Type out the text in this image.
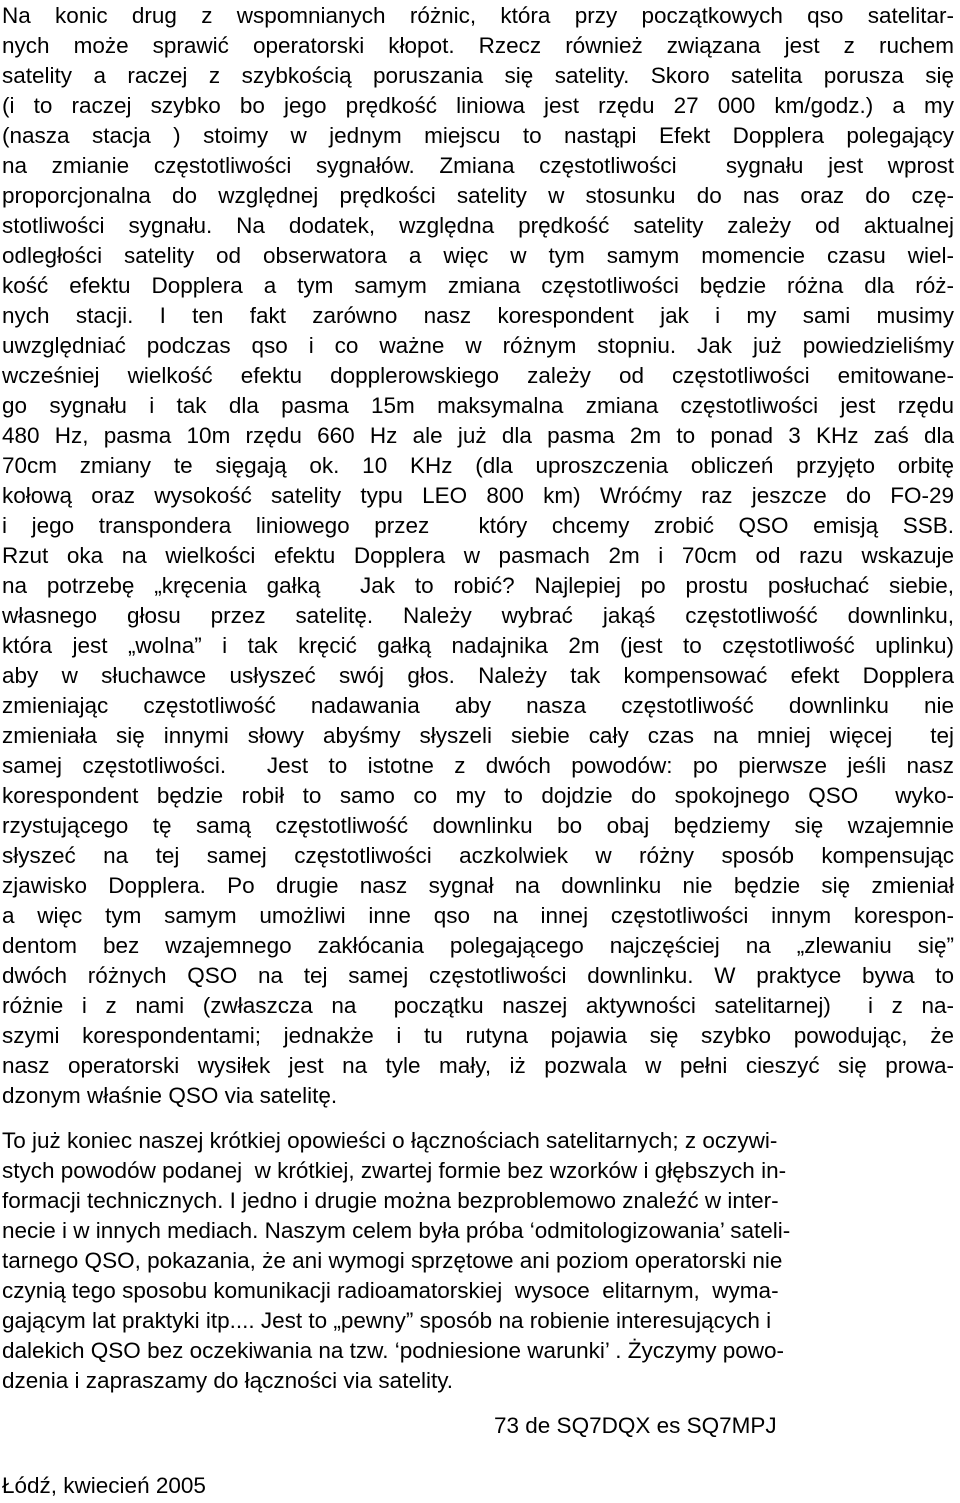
Na konic drug z wspomnianych różnic, która przy początkowych qso satelitar-
nych może sprawić operatorski kłopot. Rzecz również związana jest z ruchem
satelity a raczej z szybkością poruszania się satelity. Skoro satelita porusza się
(i to raczej szybko bo jego prędkość liniowa jest rzędu 27 000 km/godz.) a my
(nasza stacja ) stoimy w jednym miejscu to nastąpi Efekt Dopplera polegający
na zmianie częstotliwości sygnałów. Zmiana częstotliwości  sygnału jest wprost
proporcjonalna do względnej prędkości satelity w stosunku do nas oraz do czę-
stotliwości sygnału. Na dodatek, względna prędkość satelity zależy od aktualnej
odległości satelity od obserwatora a więc w tym samym momencie czasu wiel-
kość efektu Dopplera a tym samym zmiana częstotliwości będzie różna dla róż-
nych stacji. I ten fakt zarówno nasz korespondent jak i my sami musimy
uwzględniać podczas qso i co ważne w różnym stopniu. Jak już powiedzieliśmy
wcześniej wielkość efektu dopplerowskiego zależy od częstotliwości emitowane-
go sygnału i tak dla pasma 15m maksymalna zmiana częstotliwości jest rzędu
480 Hz, pasma 10m rzędu 660 Hz ale już dla pasma 2m to ponad 3 KHz zaś dla
70cm zmiany te sięgają ok. 10 KHz (dla uproszczenia obliczeń przyjęto orbitę
kołową oraz wysokość satelity typu LEO 800 km) Wróćmy raz jeszcze do FO-29
i jego transpondera liniowego przez  który chcemy zrobić QSO emisją SSB.
Rzut oka na wielkości efektu Dopplera w pasmach 2m i 70cm od razu wskazuje
na potrzebę „kręcenia gałką  Jak to robić? Najlepiej po prostu posłuchać siebie,
własnego głosu przez satelitę. Należy wybrać jakąś częstotliwość downlinku,
która jest „wolna” i tak kręcić gałką nadajnika 2m (jest to częstotliwość uplinku)
aby w słuchawce usłyszeć swój głos. Należy tak kompensować efekt Dopplera
zmieniając częstotliwość nadawania aby nasza częstotliwość downlinku nie
zmieniała się innymi słowy abyśmy słyszeli siebie cały czas na mniej więcej  tej
samej częstotliwości.  Jest to istotne z dwóch powodów: po pierwsze jeśli nasz
korespondent będzie robił to samo co my to dojdzie do spokojnego QSO  wyko-
rzystującego tę samą częstotliwość downlinku bo obaj będziemy się wzajemnie
słyszeć na tej samej częstotliwości aczkolwiek w różny sposób kompensując
zjawisko Dopplera. Po drugie nasz sygnał na downlinku nie będzie się zmieniał
a więc tym samym umożliwi inne qso na innej częstotliwości innym korespon-
dentom bez wzajemnego zakłócania polegającego najczęściej na „zlewaniu się”
dwóch różnych QSO na tej samej częstotliwości downlinku. W praktyce bywa to
różnie i z nami (zwłaszcza na  początku naszej aktywności satelitarnej)  i z na-
szymi korespondentami; jednakże i tu rutyna pojawia się szybko powodując, że
nasz operatorski wysiłek jest na tyle mały, iż pozwala w pełni cieszyć się prowa-
dzonym właśnie QSO via satelitę.
To już koniec naszej krótkiej opowieści o łącznościach satelitarnych; z oczywi-
stych powodów podanej  w krótkiej, zwartej formie bez wzorków i głębszych in-
formacji technicznych. I jedno i drugie można bezproblemowo znaleźć w inter-
necie i w innych mediach. Naszym celem była próba ‘odmitologizowania’ sateli-
tarnego QSO, pokazania, że ani wymogi sprzętowe ani poziom operatorski nie
czynią tego sposobu komunikacji radioamatorskiej  wysoce  elitarnym,  wyma-
gającym lat praktyki itp.... Jest to „pewny” sposób na robienie interesujących i
dalekich QSO bez oczekiwania na tzw. ‘podniesione warunki’ . Życzymy powo-
dzenia i zapraszamy do łączności via satelity.
73 de SQ7DQX es SQ7MPJ
Łódź, kwiecień 2005
